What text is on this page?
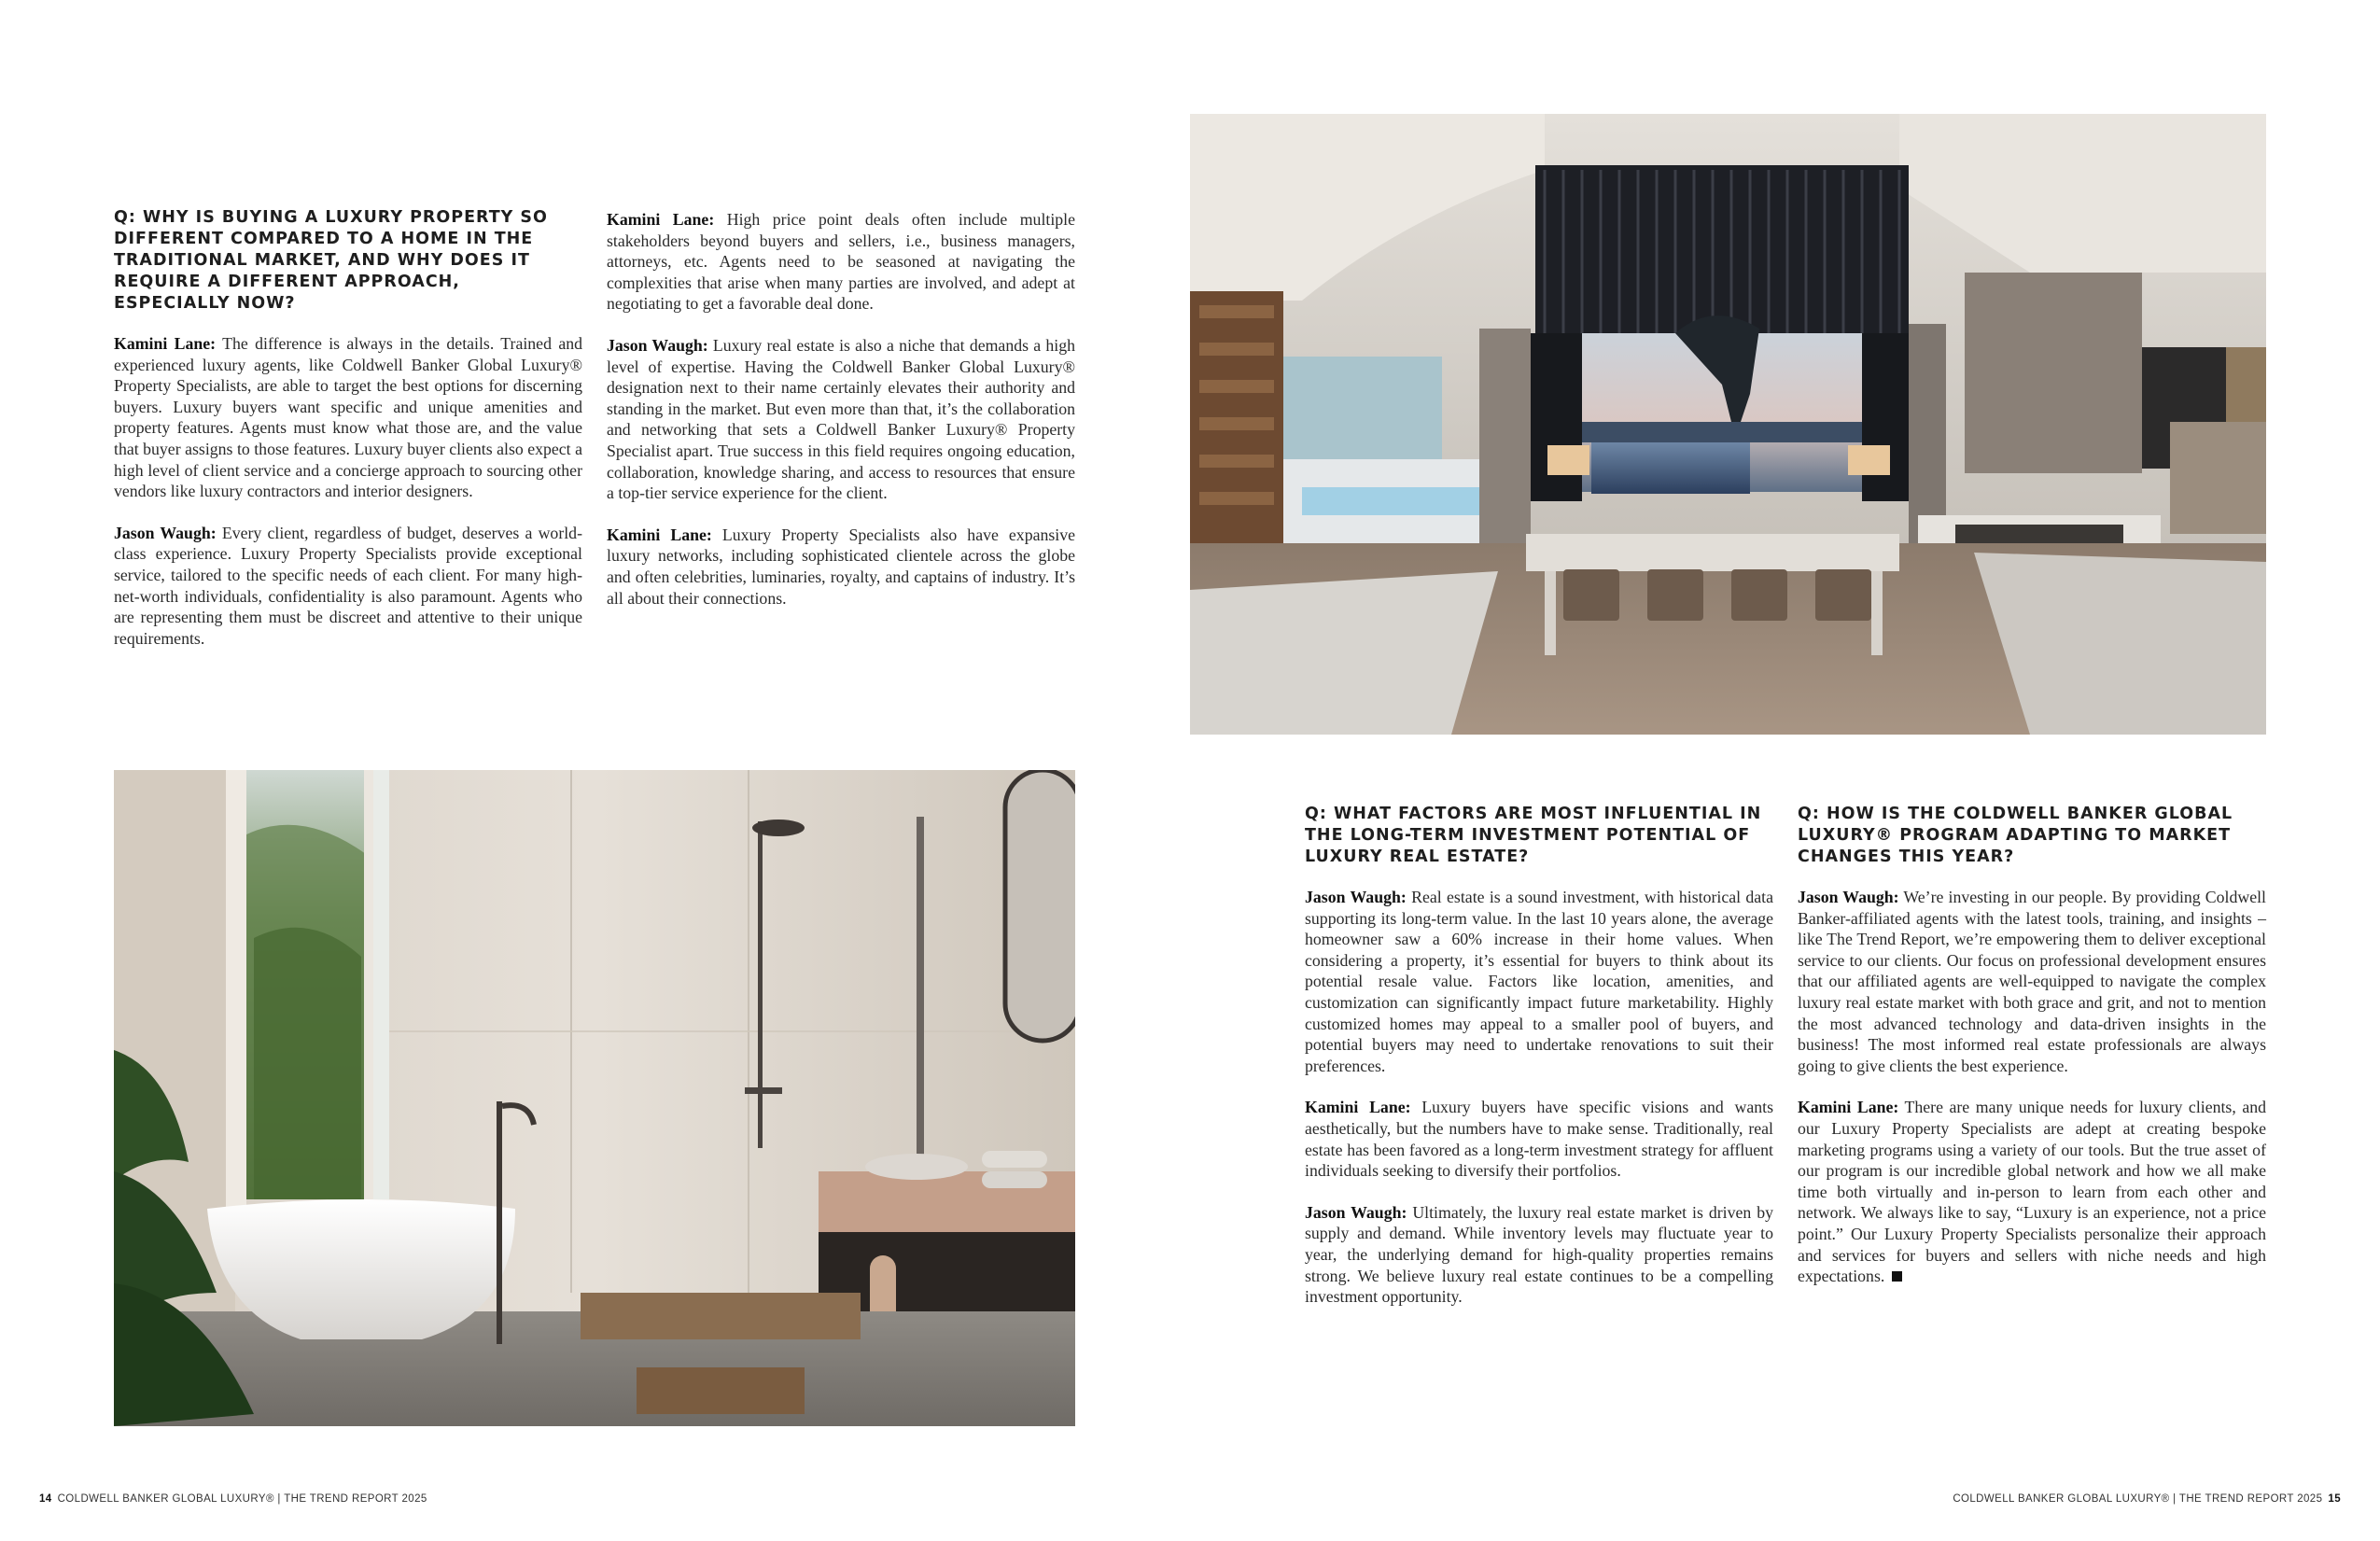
Q: WHY IS BUYING A LUXURY PROPERTY SO DIFFERENT COMPARED TO A HOME IN THE TRADITIONAL MARKET, AND WHY DOES IT REQUIRE A DIFFERENT APPROACH, ESPECIALLY NOW?

Kamini Lane: The difference is always in the details. Trained and experienced luxury agents, like Coldwell Banker Global Luxury® Property Specialists, are able to target the best options for discerning buyers. Luxury buyers want specific and unique amenities and property features. Agents must know what those are, and the value that buyer assigns to those features. Luxury buyer clients also expect a high level of client service and a concierge approach to sourcing other vendors like luxury contractors and interior designers.

Jason Waugh: Every client, regardless of budget, deserves a world-class experience. Luxury Property Specialists provide exceptional service, tailored to the specific needs of each client. For many high-net-worth individuals, confidentiality is also paramount. Agents who are representing them must be discreet and attentive to their unique requirements.

Kamini Lane: High price point deals often include multiple stakeholders beyond buyers and sellers, i.e., business managers, attorneys, etc. Agents need to be seasoned at navigating the complexities that arise when many parties are involved, and adept at negotiating to get a favorable deal done.

Jason Waugh: Luxury real estate is also a niche that demands a high level of expertise. Having the Coldwell Banker Global Luxury® designation next to their name certainly elevates their authority and standing in the market. But even more than that, it’s the collaboration and networking that sets a Coldwell Banker Luxury® Property Specialist apart. True success in this field requires ongoing education, collaboration, knowledge sharing, and access to resources that ensure a top-tier service experience for the client.

Kamini Lane: Luxury Property Specialists also have expansive luxury networks, including sophisticated clientele across the globe and often celebrities, luminaries, royalty, and captains of industry. It’s all about their connections.

14 COLDWELL BANKER GLOBAL LUXURY® | THE TREND REPORT 2025
Q: WHAT FACTORS ARE MOST INFLUENTIAL IN THE LONG-TERM INVESTMENT POTENTIAL OF LUXURY REAL ESTATE?

Jason Waugh: Real estate is a sound investment, with historical data supporting its long-term value. In the last 10 years alone, the average homeowner saw a 60% increase in their home values. When considering a property, it’s essential for buyers to think about its potential resale value. Factors like location, amenities, and customization can significantly impact future marketability. Highly customized homes may appeal to a smaller pool of buyers, and potential buyers may need to undertake renovations to suit their preferences.

Kamini Lane: Luxury buyers have specific visions and wants aesthetically, but the numbers have to make sense. Traditionally, real estate has been favored as a long-term investment strategy for affluent individuals seeking to diversify their portfolios.

Jason Waugh: Ultimately, the luxury real estate market is driven by supply and demand. While inventory levels may fluctuate year to year, the underlying demand for high-quality properties remains strong. We believe luxury real estate continues to be a compelling investment opportunity.

Q: HOW IS THE COLDWELL BANKER GLOBAL LUXURY® PROGRAM ADAPTING TO MARKET CHANGES THIS YEAR?

Jason Waugh: We’re investing in our people. By providing Coldwell Banker-affiliated agents with the latest tools, training, and insights – like The Trend Report, we’re empowering them to deliver exceptional service to our clients. Our focus on professional development ensures that our affiliated agents are well-equipped to navigate the complex luxury real estate market with both grace and grit, and not to mention the most advanced technology and data-driven insights in the business! The most informed real estate professionals are always going to give clients the best experience.

Kamini Lane: There are many unique needs for luxury clients, and our Luxury Property Specialists are adept at creating bespoke marketing programs using a variety of our tools. But the true asset of our program is our incredible global network and how we all make time both virtually and in-person to learn from each other and network. We always like to say, “Luxury is an experience, not a price point.” Our Luxury Property Specialists personalize their approach and services for buyers and sellers with niche needs and high expectations.

COLDWELL BANKER GLOBAL LUXURY® | THE TREND REPORT 2025 15
